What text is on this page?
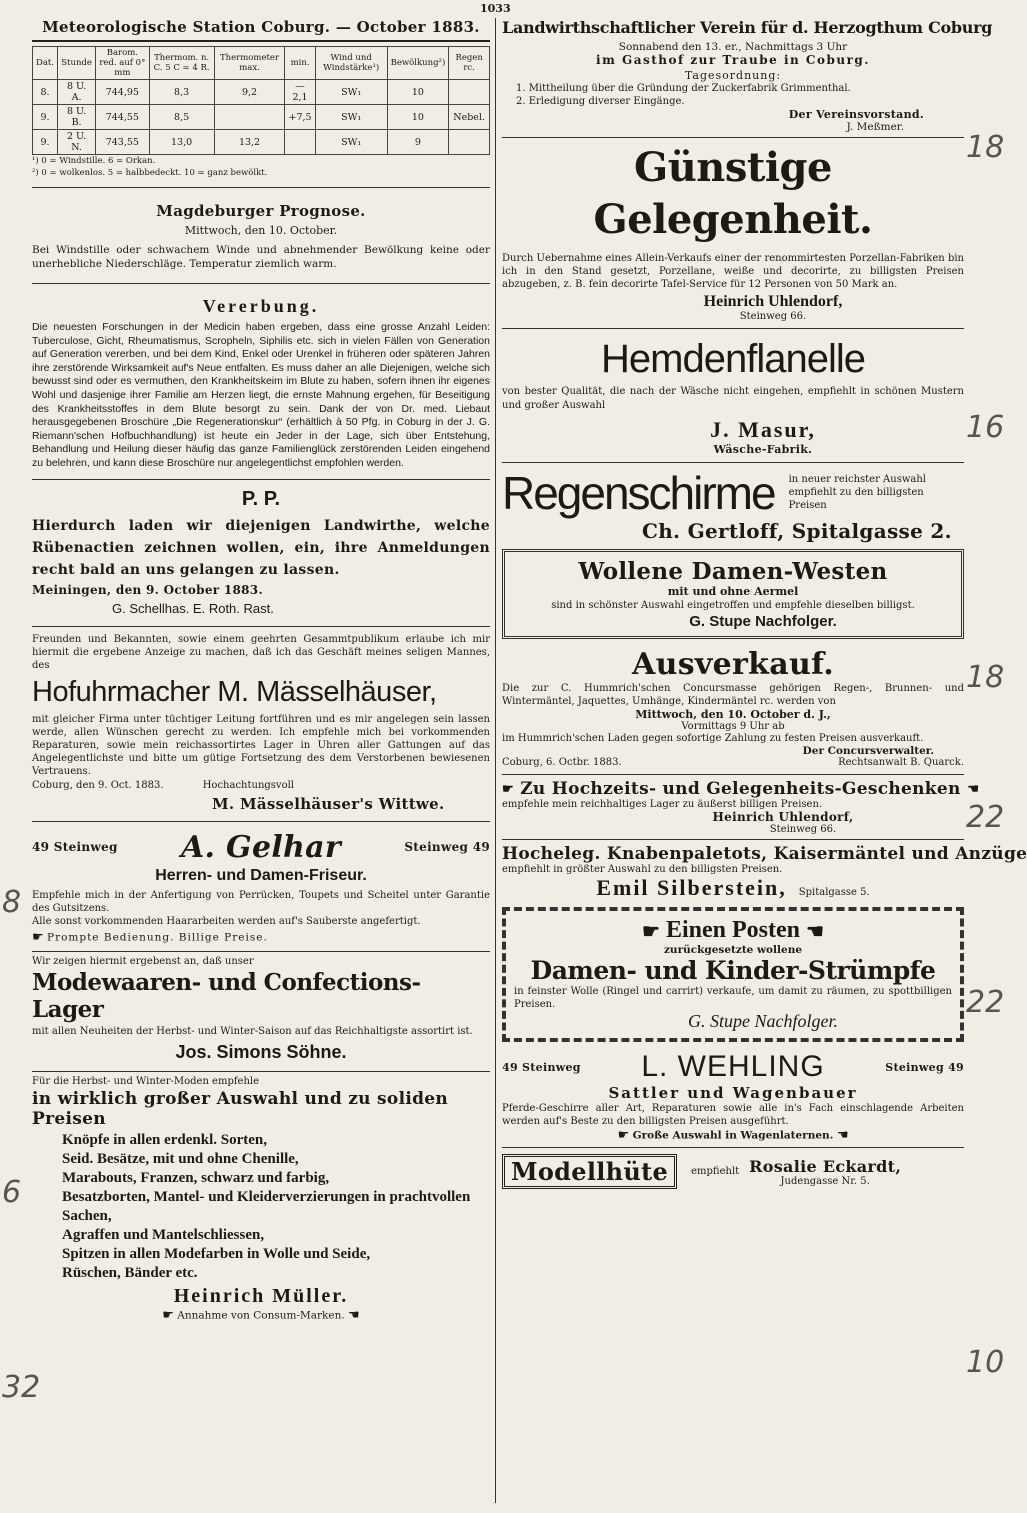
1033
Meteorologische Station Coburg. — October 1883.
Dat.	Stunde	Barom. red. auf 0° mm	Thermom. n. C. 5 C = 4 R.	Thermometer max.	min.	Wind und Windstärke¹)	Bewölkung²)	Regen rc.
8.	8 U. A.	744,95	8,3	9,2	—2,1	SW₁	10	
9.	8 U. B.	744,55	8,5		+7,5	SW₁	10	Nebel.
9.	2 U. N.	743,55	13,0	13,2		SW₁	9	
¹) 0 = Windstille. 6 = Orkan.
²) 0 = wolkenlos. 5 = halbbedeckt. 10 = ganz bewölkt.
Magdeburger Prognose.
Mittwoch, den 10. October.

Bei Windstille oder schwachem Winde und abnehmender Bewölkung keine oder unerhebliche Niederschläge. Temperatur ziemlich warm.

Vererbung.

Die neuesten Forschungen in der Medicin haben ergeben, dass eine grosse Anzahl Leiden: Tuberculose, Gicht, Rheumatismus, Scropheln, Siphilis etc. sich in vielen Fällen von Generation auf Generation vererben, und bei dem Kind, Enkel oder Urenkel in früheren oder späteren Jahren ihre zerstörende Wirksamkeit auf's Neue entfalten. Es muss daher an alle Diejenigen, welche sich bewusst sind oder es vermuthen, den Krankheitskeim im Blute zu haben, sofern ihnen ihr eigenes Wohl und dasjenige ihrer Familie am Herzen liegt, die ernste Mahnung ergehen, für Beseitigung des Krankheitsstoffes in dem Blute besorgt zu sein. Dank der von Dr. med. Liebaut herausgegebenen Broschüre „Die Regenerationskur“ (erhältlich à 50 Pfg. in Coburg in der J. G. Riemann'schen Hofbuchhandlung) ist heute ein Jeder in der Lage, sich über Entstehung, Behandlung und Heilung dieser häufig das ganze Familienglück zerstörenden Leiden eingehend zu belehren, und kann diese Broschüre nur angelegentlichst empfohlen werden.

P. P.

Hierdurch laden wir diejenigen Landwirthe, welche Rübenactien zeichnen wollen, ein, ihre Anmeldungen recht bald an uns gelangen zu lassen.

Meiningen, den 9. October 1883.
G. Schellhas. E. Roth. Rast.

Freunden und Bekannten, sowie einem geehrten Gesammtpublikum erlaube ich mir hiermit die ergebene Anzeige zu machen, daß ich das Geschäft meines seligen Mannes, des

Hofuhrmacher M. Mässelhäuser,

mit gleicher Firma unter tüchtiger Leitung fortführen und es mir angelegen sein lassen werde, allen Wünschen gerecht zu werden. Ich empfehle mich bei vorkommenden Reparaturen, sowie mein reichassortirtes Lager in Uhren aller Gattungen auf das Angelegentlichste und bitte um gütige Fortsetzung des dem Verstorbenen bewiesenen Vertrauens.

Coburg, den 9. Oct. 1883.	Hochachtungsvoll
M. Mässelhäuser's Wittwe.
49 Steinweg A. Gelhar	Steinweg 49
Herren- und Damen-Friseur.

Empfehle mich in der Anfertigung von Perrücken, Toupets und Scheitel unter Garantie des Gutsitzens.

Alle sonst vorkommenden Haararbeiten werden auf's Sauberste angefertigt.

☛ Prompte Bedienung. Billige Preise.
Wir zeigen hiermit ergebenst an, daß unser
Modewaaren- und Confections-Lager

mit allen Neuheiten der Herbst- und Winter-Saison auf das Reichhaltigste assortirt ist.

Jos. Simons Söhne.
Für die Herbst- und Winter-Moden empfehle
in wirklich großer Auswahl und zu soliden Preisen
Knöpfe in allen erdenkl. Sorten,
Seid. Besätze, mit und ohne Chenille,
Marabouts, Franzen, schwarz und farbig,
Besatzborten, Mantel- und Kleiderverzierungen in prachtvollen Sachen,
Agraffen und Mantelschliessen,
Spitzen in allen Modefarben in Wolle und Seide,
Rüschen, Bänder etc.
Heinrich Müller.
☛ Annahme von Consum-Marken. ☛
Landwirthschaftlicher Verein für d. Herzogthum Coburg
Sonnabend den 13. er., Nachmittags 3 Uhr
im Gasthof zur Traube in Coburg.
Tagesordnung:
1. Mittheilung über die Gründung der Zuckerfabrik Grimmenthal.
2. Erledigung diverser Eingänge.
Der Vereinsvorstand.
J. Meßmer.
Günstige Gelegenheit.

Durch Uebernahme eines Allein-Verkaufs einer der renommirtesten Porzellan-Fabriken bin ich in den Stand gesetzt, Porzellane, weiße und decorirte, zu billigsten Preisen abzugeben, z. B. fein decorirte Tafel-Service für 12 Personen von 50 Mark an.

Heinrich Uhlendorf,
Steinweg 66.
Hemdenflanelle

von bester Qualität, die nach der Wäsche nicht eingehen, empfiehlt in schönen Mustern und großer Auswahl

J. Masur,
Wäsche-Fabrik.
Regenschirme in neuer reichster Auswahl empfiehlt zu den billigsten Preisen
Ch. Gertloff, Spitalgasse 2.
Wollene Damen-Westen
mit und ohne Aermel
sind in schönster Auswahl eingetroffen und empfehle dieselben billigst.
G. Stupe Nachfolger.
Ausverkauf.

Die zur C. Hummrich'schen Concursmasse gehörigen Regen-, Brunnen- und Wintermäntel, Jaquettes, Umhänge, Kindermäntel rc. werden von

Mittwoch, den 10. October d. J.,
Vormittags 9 Uhr ab

im Hummrich'schen Laden gegen sofortige Zahlung zu festen Preisen ausverkauft.

Der Concursverwalter.
Coburg, 6. Octbr. 1883.	Rechtsanwalt B. Quarck.
☛ Zu Hochzeits- und Gelegenheits-Geschenken ☛
empfehle mein reichhaltiges Lager zu äußerst billigen Preisen.
Heinrich Uhlendorf,
Steinweg 66.
Hocheleg. Knabenpaletots, Kaisermäntel und Anzüge
empfiehlt in größter Auswahl zu den billigsten Preisen.
Emil Silberstein, Spitalgasse 5.
☛ Einen Posten ☛
zurückgesetzte wollene
Damen- und Kinder-Strümpfe

in feinster Wolle (Ringel und carrirt) verkaufe, um damit zu räumen, zu spottbilligen Preisen.

G. Stupe Nachfolger.
49 Steinweg L. WEHLING	Steinweg 49
Sattler und Wagenbauer

Pferde-Geschirre aller Art, Reparaturen sowie alle in's Fach einschlagende Arbeiten werden auf's Beste zu den billigsten Preisen ausgeführt.

☛ Große Auswahl in Wagenlaternen. ☛
Modellhüte	empfiehlt Rosalie Eckardt,
Judengasse Nr. 5.
18
16
18
22
22
10
8
6
32
